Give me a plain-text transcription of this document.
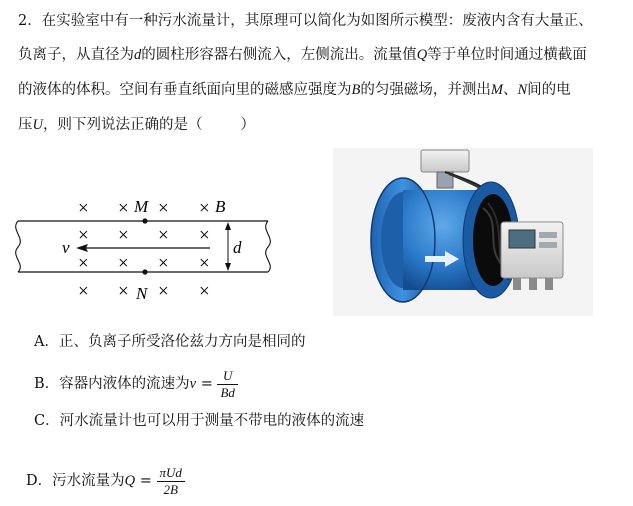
2．在实验室中有一种污水流量计，其原理可以简化为如图所示模型：废液内含有大量正、
负离子，从直径为d的圆柱形容器右侧流入，左侧流出。流量值Q等于单位时间通过横截面
的液体的体积。空间有垂直纸面向里的磁感应强度为B的匀强磁场，并测出M、N间的电
压U，则下列说法正确的是（	）
× × × ×
M	B
× × × ×
v
× × × ×
d
× × × ×
N
A．正、负离子所受洛伦兹力方向是相同的
B．容器内液体的流速为$v = \frac{U}{Bd}$
C．河水流量计也可以用于测量不带电的液体的流速
D．污水流量为$Q = \frac{\text{πUd}}{2B}$
